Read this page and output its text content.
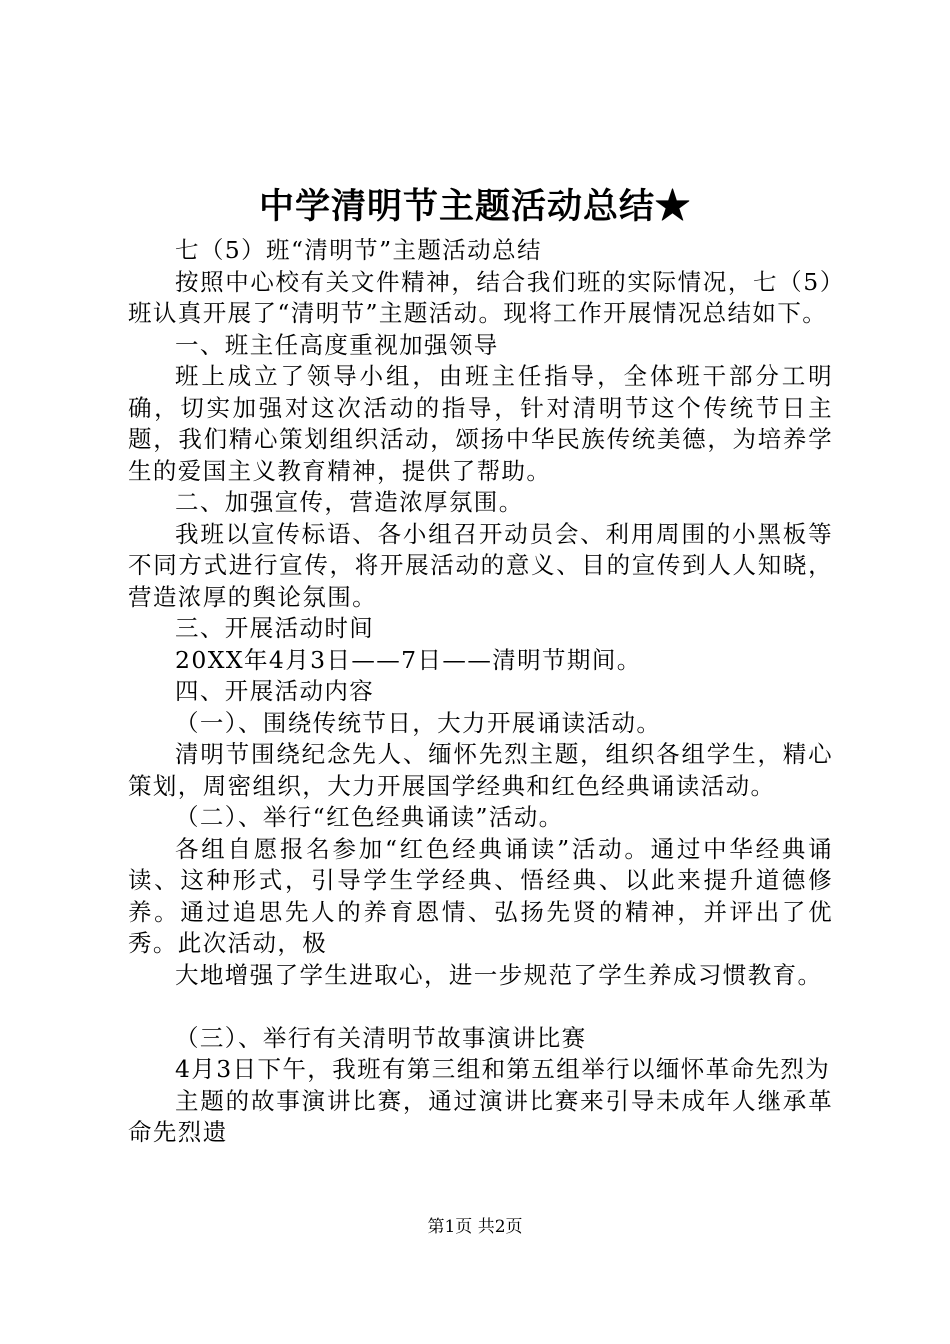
中学清明节主题活动总结★

七（5）班“清明节”主题活动总结

按照中心校有关文件精神，结合我们班的实际情况，七（5）班认真开展了“清明节”主题活动。现将工作开展情况总结如下。

一、班主任高度重视加强领导

班上成立了领导小组，由班主任指导，全体班干部分工明确，切实加强对这次活动的指导，针对清明节这个传统节日主题，我们精心策划组织活动，颂扬中华民族传统美德，为培养学生的爱国主义教育精神，提供了帮助。

二、加强宣传，营造浓厚氛围。

我班以宣传标语、各小组召开动员会、利用周围的小黑板等不同方式进行宣传，将开展活动的意义、目的宣传到人人知晓，营造浓厚的舆论氛围。

三、开展活动时间

20XX年4月3日——7日——清明节期间。

四、开展活动内容

（一）、围绕传统节日，大力开展诵读活动。

清明节围绕纪念先人、缅怀先烈主题，组织各组学生，精心策划，周密组织，大力开展国学经典和红色经典诵读活动。

（二）、举行“红色经典诵读”活动。

各组自愿报名参加“红色经典诵读”活动。通过中华经典诵读、这种形式，引导学生学经典、悟经典、以此来提升道德修养。通过追思先人的养育恩情、弘扬先贤的精神，并评出了优秀。此次活动，极

大地增强了学生进取心，进一步规范了学生养成习惯教育。

（三）、举行有关清明节故事演讲比赛

4月3日下午，我班有第三组和第五组举行以缅怀革命先烈为

主题的故事演讲比赛，通过演讲比赛来引导未成年人继承革命先烈遗

第1页 共2页
